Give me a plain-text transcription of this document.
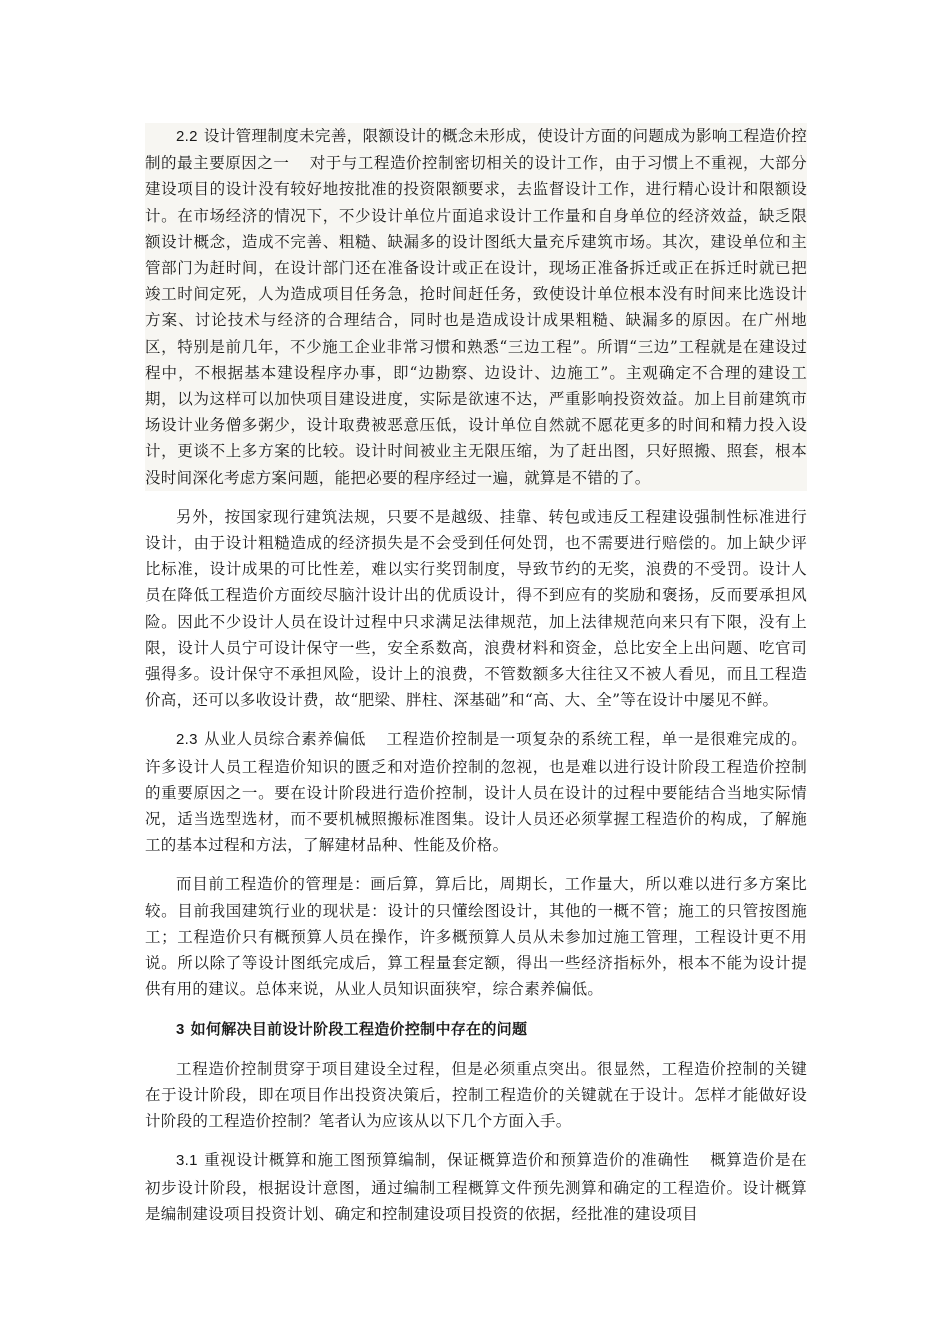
2.2 设计管理制度未完善，限额设计的概念未形成，使设计方面的问题成为影响工程造价控制的最主要原因之一 对于与工程造价控制密切相关的设计工作，由于习惯上不重视，大部分建设项目的设计没有较好地按批准的投资限额要求，去监督设计工作，进行精心设计和限额设计。在市场经济的情况下，不少设计单位片面追求设计工作量和自身单位的经济效益，缺乏限额设计概念，造成不完善、粗糙、缺漏多的设计图纸大量充斥建筑市场。其次，建设单位和主管部门为赶时间，在设计部门还在准备设计或正在设计，现场正准备拆迁或正在拆迁时就已把竣工时间定死，人为造成项目任务急，抢时间赶任务，致使设计单位根本没有时间来比选设计方案、讨论技术与经济的合理结合，同时也是造成设计成果粗糙、缺漏多的原因。在广州地区，特别是前几年，不少施工企业非常习惯和熟悉“三边工程”。所谓“三边”工程就是在建设过程中，不根据基本建设程序办事，即“边勘察、边设计、边施工”。主观确定不合理的建设工期，以为这样可以加快项目建设进度，实际是欲速不达，严重影响投资效益。加上目前建筑市场设计业务僧多粥少，设计取费被恶意压低，设计单位自然就不愿花更多的时间和精力投入设计，更谈不上多方案的比较。设计时间被业主无限压缩，为了赶出图，只好照搬、照套，根本没时间深化考虑方案问题，能把必要的程序经过一遍，就算是不错的了。

另外，按国家现行建筑法规，只要不是越级、挂靠、转包或违反工程建设强制性标准进行设计，由于设计粗糙造成的经济损失是不会受到任何处罚，也不需要进行赔偿的。加上缺少评比标准，设计成果的可比性差，难以实行奖罚制度，导致节约的无奖，浪费的不受罚。设计人员在降低工程造价方面绞尽脑汁设计出的优质设计，得不到应有的奖励和褒扬，反而要承担风险。因此不少设计人员在设计过程中只求满足法律规范，加上法律规范向来只有下限，没有上限，设计人员宁可设计保守一些，安全系数高，浪费材料和资金，总比安全上出问题、吃官司强得多。设计保守不承担风险，设计上的浪费，不管数额多大往往又不被人看见，而且工程造价高，还可以多收设计费，故“肥梁、胖柱、深基础”和“高、大、全”等在设计中屡见不鲜。

2.3 从业人员综合素养偏低 工程造价控制是一项复杂的系统工程，单一是很难完成的。许多设计人员工程造价知识的匮乏和对造价控制的忽视，也是难以进行设计阶段工程造价控制的重要原因之一。要在设计阶段进行造价控制，设计人员在设计的过程中要能结合当地实际情况，适当选型选材，而不要机械照搬标准图集。设计人员还必须掌握工程造价的构成，了解施工的基本过程和方法，了解建材品种、性能及价格。

而目前工程造价的管理是：画后算，算后比，周期长，工作量大，所以难以进行多方案比较。目前我国建筑行业的现状是：设计的只懂绘图设计，其他的一概不管；施工的只管按图施工；工程造价只有概预算人员在操作，许多概预算人员从未参加过施工管理，工程设计更不用说。所以除了等设计图纸完成后，算工程量套定额，得出一些经济指标外，根本不能为设计提供有用的建议。总体来说，从业人员知识面狭窄，综合素养偏低。

3 如何解决目前设计阶段工程造价控制中存在的问题

工程造价控制贯穿于项目建设全过程，但是必须重点突出。很显然，工程造价控制的关键在于设计阶段，即在项目作出投资决策后，控制工程造价的关键就在于设计。怎样才能做好设计阶段的工程造价控制？笔者认为应该从以下几个方面入手。

3.1 重视设计概算和施工图预算编制，保证概算造价和预算造价的准确性 概算造价是在初步设计阶段，根据设计意图，通过编制工程概算文件预先测算和确定的工程造价。设计概算是编制建设项目投资计划、确定和控制建设项目投资的依据，经批准的建设项目
